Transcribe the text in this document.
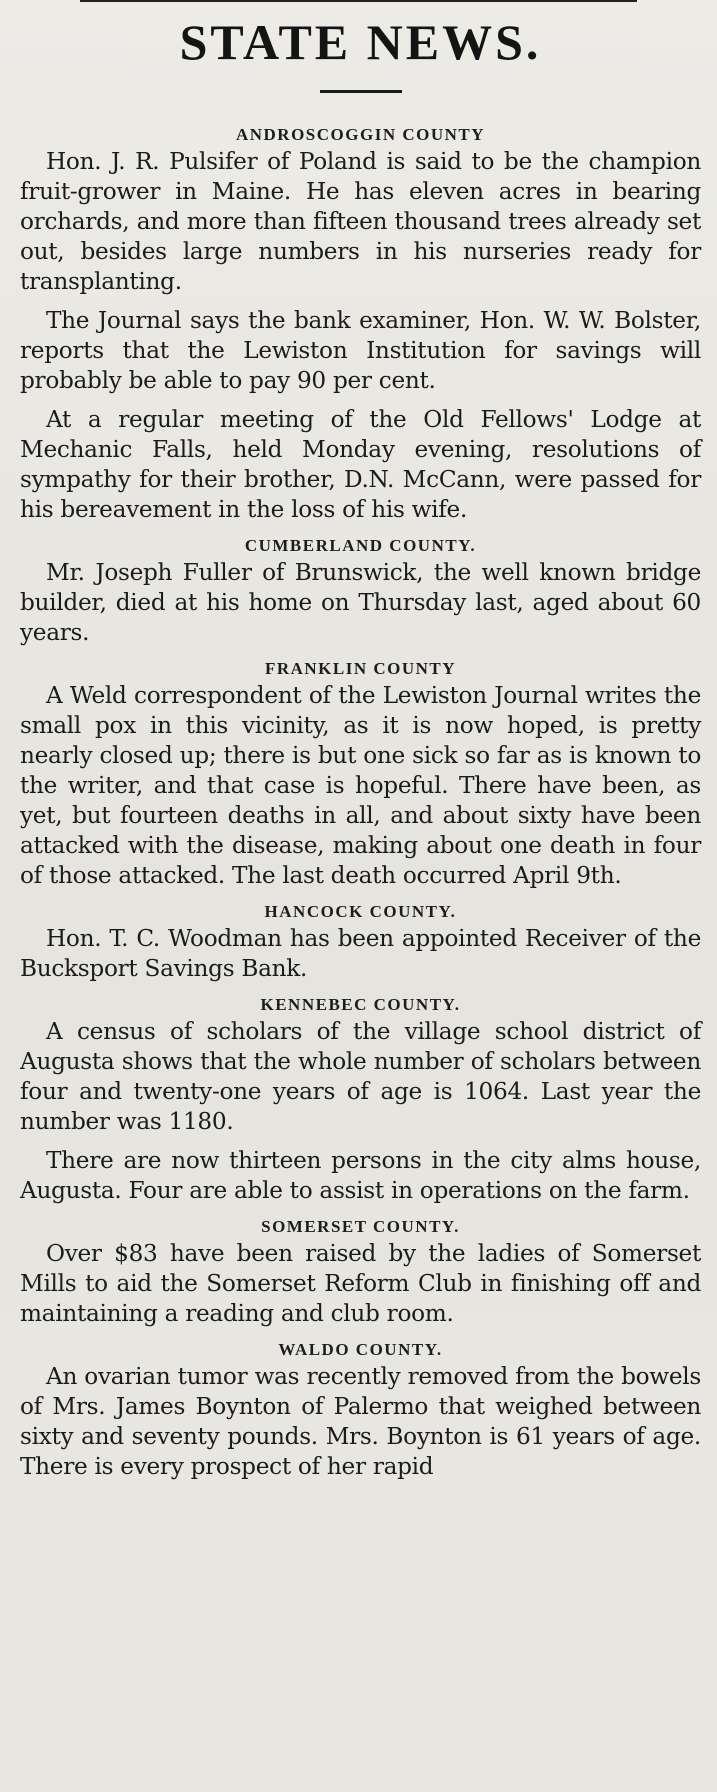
STATE NEWS.
ANDROSCOGGIN COUNTY

Hon. J. R. Pulsifer of Poland is said to be the champion fruit-grower in Maine. He has eleven acres in bearing orchards, and more than fifteen thousand trees already set out, besides large numbers in his nurseries ready for transplanting.

The Journal says the bank examiner, Hon. W. W. Bolster, reports that the Lewiston Institution for savings will probably be able to pay 90 per cent.

At a regular meeting of the Old Fellows' Lodge at Mechanic Falls, held Monday evening, resolutions of sympathy for their brother, D.N. McCann, were passed for his bereavement in the loss of his wife.

CUMBERLAND COUNTY.

Mr. Joseph Fuller of Brunswick, the well known bridge builder, died at his home on Thursday last, aged about 60 years.

FRANKLIN COUNTY

A Weld correspondent of the Lewiston Journal writes the small pox in this vicinity, as it is now hoped, is pretty nearly closed up; there is but one sick so far as is known to the writer, and that case is hopeful. There have been, as yet, but fourteen deaths in all, and about sixty have been attacked with the disease, making about one death in four of those attacked. The last death occurred April 9th.

HANCOCK COUNTY.

Hon. T. C. Woodman has been appointed Receiver of the Bucksport Savings Bank.

KENNEBEC COUNTY.

A census of scholars of the village school district of Augusta shows that the whole number of scholars between four and twenty-one years of age is 1064. Last year the number was 1180.

There are now thirteen persons in the city alms house, Augusta. Four are able to assist in operations on the farm.

SOMERSET COUNTY.

Over $83 have been raised by the ladies of Somerset Mills to aid the Somerset Reform Club in finishing off and maintaining a reading and club room.

WALDO COUNTY.

An ovarian tumor was recently removed from the bowels of Mrs. James Boynton of Palermo that weighed between sixty and seventy pounds. Mrs. Boynton is 61 years of age. There is every prospect of her rapid
